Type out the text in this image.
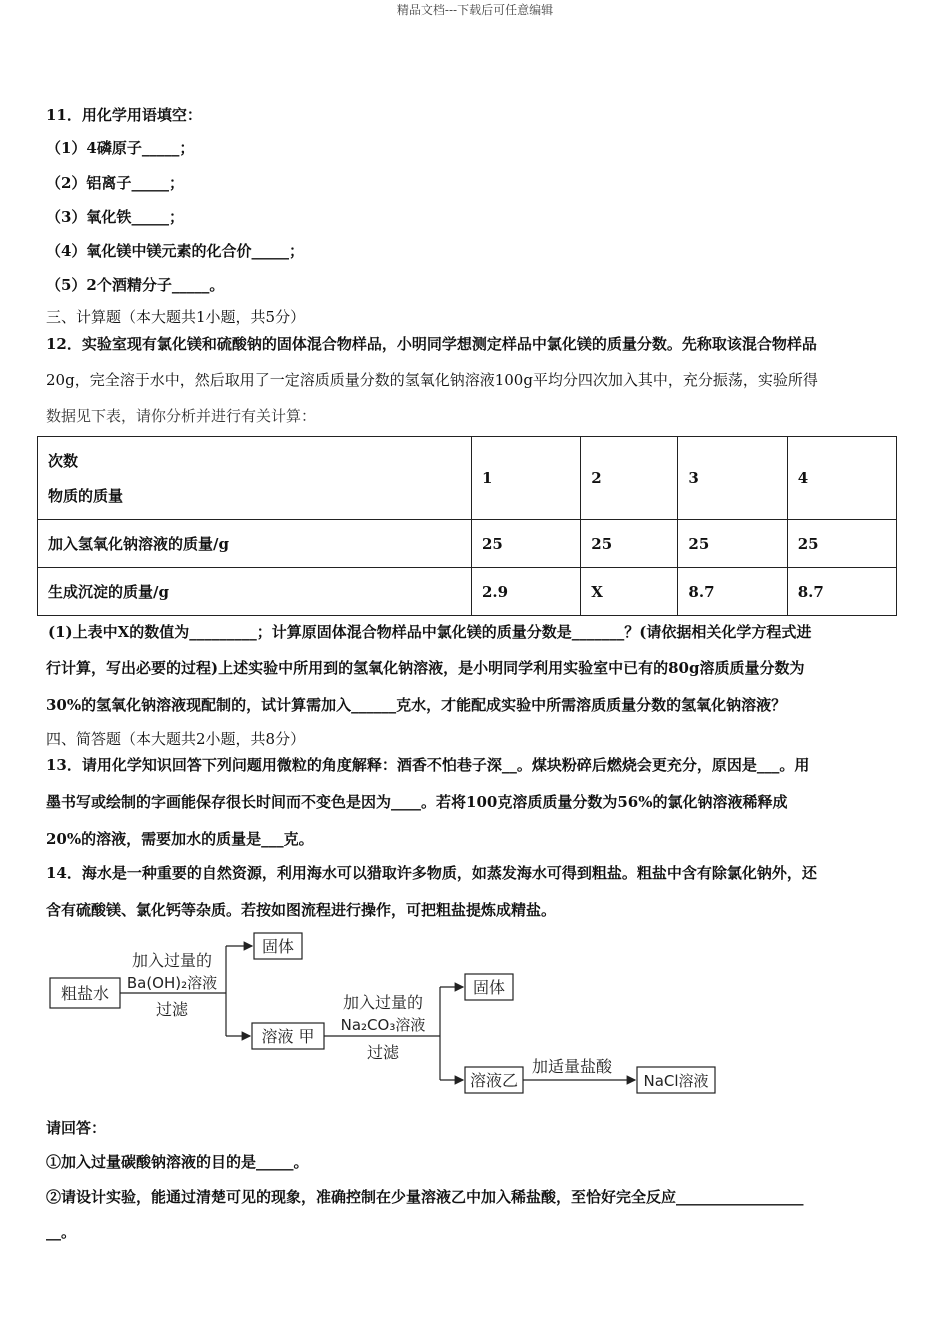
精品文档---下载后可任意编辑
11．用化学用语填空：
（1）4磷原子_____；
（2）铝离子_____；
（3）氧化铁_____；
（4）氧化镁中镁元素的化合价_____；
（5）2个酒精分子_____。
三、计算题（本大题共1小题，共5分）
12．实验室现有氯化镁和硫酸钠的固体混合物样品，小明同学想测定样品中氯化镁的质量分数。先称取该混合物样品
20g，完全溶于水中，然后取用了一定溶质质量分数的氢氧化钠溶液100g平均分四次加入其中，充分振荡，实验所得
数据见下表，请你分析并进行有关计算：
次数
物质的质量	1	2	3	4
加入氢氧化钠溶液的质量/g	25	25	25	25
生成沉淀的质量/g	2.9	X	8.7	8.7
(1)上表中X的数值为_________；计算原固体混合物样品中氯化镁的质量分数是_______？(请依据相关化学方程式进
行计算，写出必要的过程)上述实验中所用到的氢氧化钠溶液，是小明同学利用实验室中已有的80g溶质质量分数为
30%的氢氧化钠溶液现配制的，试计算需加入______克水，才能配成实验中所需溶质质量分数的氢氧化钠溶液？
四、简答题（本大题共2小题，共8分）
13．请用化学知识回答下列问题用微粒的角度解释：酒香不怕巷子深__。煤块粉碎后燃烧会更充分，原因是___。用
墨书写或绘制的字画能保存很长时间而不变色是因为____。若将100克溶质质量分数为56%的氯化钠溶液稀释成
20%的溶液，需要加水的质量是___克。
14．海水是一种重要的自然资源，利用海水可以猎取许多物质，如蒸发海水可得到粗盐。粗盐中含有除氯化钠外，还
含有硫酸镁、氯化钙等杂质。若按如图流程进行操作，可把粗盐提炼成精盐。
粗盐水
加入过量的
Ba(OH)₂溶液
过滤
固体
溶液 甲
加入过量的
Na₂CO₃溶液
过滤
固体
溶液乙
加适量盐酸
NaCl溶液
请回答：
①加入过量碳酸钠溶液的目的是_____。
②请设计实验，能通过清楚可见的现象，准确控制在少量溶液乙中加入稀盐酸，至恰好完全反应_________________
__。
